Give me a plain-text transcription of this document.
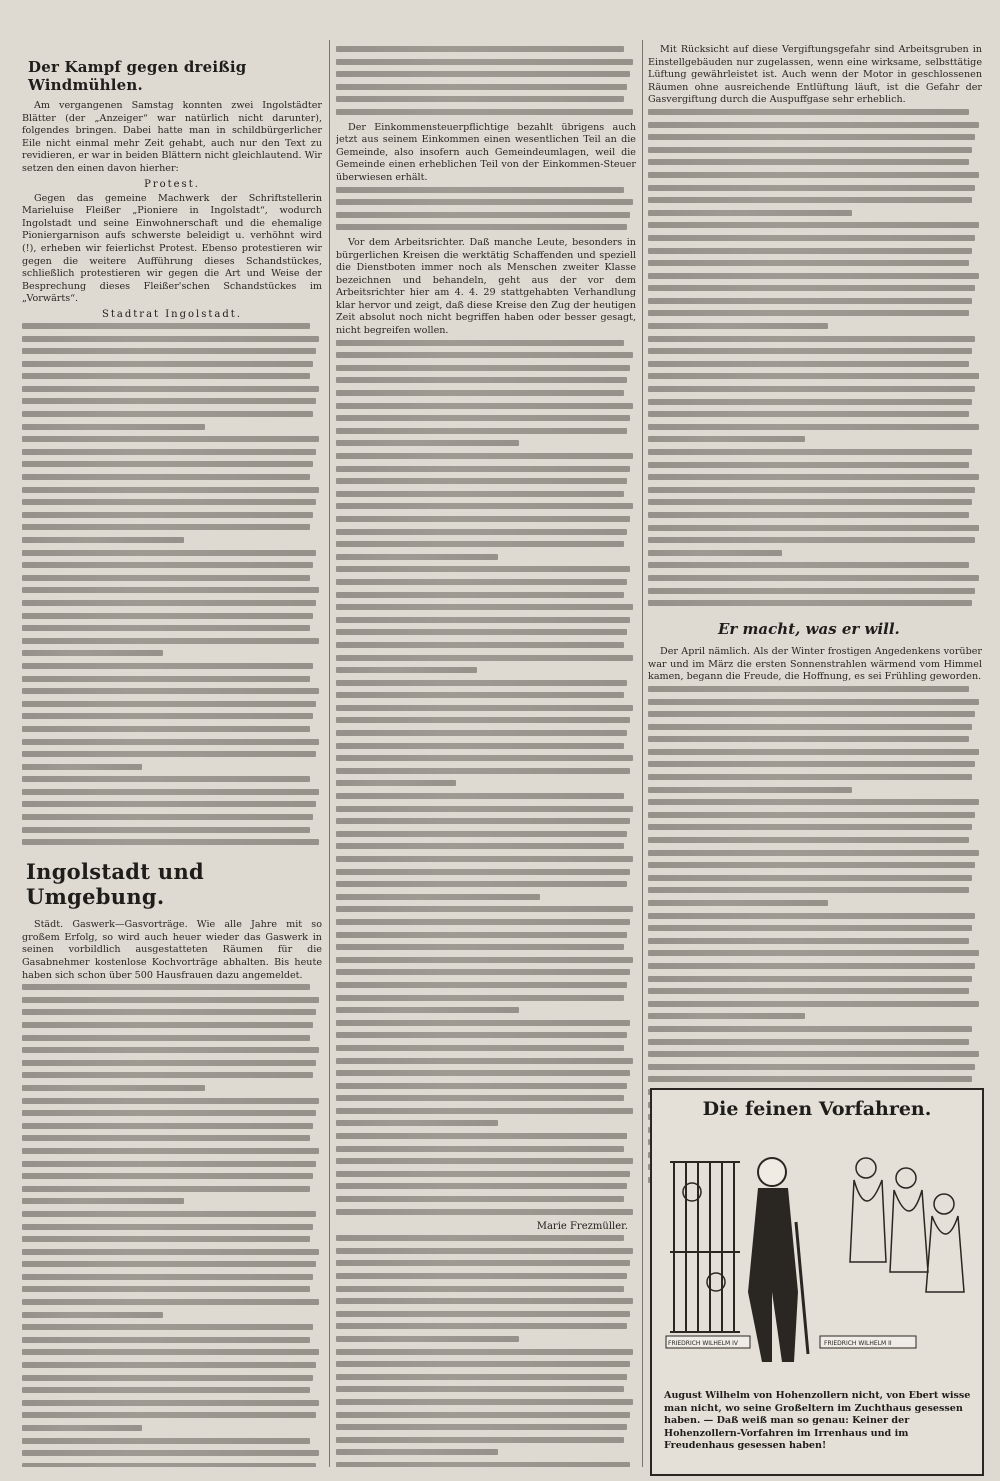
Der Kampf gegen dreißig Windmühlen.

Am vergangenen Samstag konnten zwei Ingolstädter Blätter (der „Anzeiger“ war natürlich nicht darunter), folgendes bringen. Dabei hatte man in schildbürgerlicher Eile nicht einmal mehr Zeit gehabt, auch nur den Text zu revidieren, er war in beiden Blättern nicht gleichlautend. Wir setzen den einen davon hierher:

Protest.

Gegen das gemeine Machwerk der Schriftstellerin Marieluise Fleißer „Pioniere in Ingolstadt“, wodurch Ingolstadt und seine Einwohnerschaft und die ehemalige Pioniergarnison aufs schwerste beleidigt u. verhöhnt wird (!), erheben wir feierlichst Protest. Ebenso protestieren wir gegen die weitere Aufführung dieses Schandstückes, schließlich protestieren wir gegen die Art und Weise der Besprechung dieses Fleißer'schen Schandstückes im „Vorwärts“.

Stadtrat Ingolstadt.
Ingolstadt und Umgebung.

Städt. Gaswerk—Gasvorträge. Wie alle Jahre mit so großem Erfolg, so wird auch heuer wieder das Gaswerk in seinen vorbildlich ausgestatteten Räumen für die Gasabnehmer kostenlose Kochvorträge abhalten. Bis heute haben sich schon über 500 Hausfrauen dazu angemeldet.

Der Einkommensteuerpflichtige bezahlt übrigens auch jetzt aus seinem Einkommen einen wesentlichen Teil an die Gemeinde, also insofern auch Gemeindeumlagen, weil die Gemeinde einen erheblichen Teil von der Einkommen-Steuer überwiesen erhält.

Vor dem Arbeitsrichter. Daß manche Leute, besonders in bürgerlichen Kreisen die werktätig Schaffenden und speziell die Dienstboten immer noch als Menschen zweiter Klasse bezeichnen und behandeln, geht aus der vor dem Arbeitsrichter hier am 4. 4. 29 stattgehabten Verhandlung klar hervor und zeigt, daß diese Kreise den Zug der heutigen Zeit absolut noch nicht begriffen haben oder besser gesagt, nicht begreifen wollen.

Marie Frezmüller.

Mit Rücksicht auf diese Vergiftungsgefahr sind Arbeitsgruben in Einstellgebäuden nur zugelassen, wenn eine wirksame, selbsttätige Lüftung gewährleistet ist. Auch wenn der Motor in geschlossenen Räumen ohne ausreichende Entlüftung läuft, ist die Gefahr der Gasvergiftung durch die Auspuffgase sehr erheblich.

Er macht, was er will.

Der April nämlich. Als der Winter frostigen Angedenkens vorüber war und im März die ersten Sonnenstrahlen wärmend vom Himmel kamen, begann die Freude, die Hoffnung, es sei Frühling geworden.

Die feinen Vorfahren.
FRIEDRICH WILHELM IV	FRIEDRICH WILHELM II
August Wilhelm von Hohenzollern nicht, von Ebert wisse man nicht, wo seine Großeltern im Zuchthaus gesessen haben. — Daß weiß man so genau: Keiner der Hohenzollern-Vorfahren im Irrenhaus und im Freudenhaus gesessen haben!
